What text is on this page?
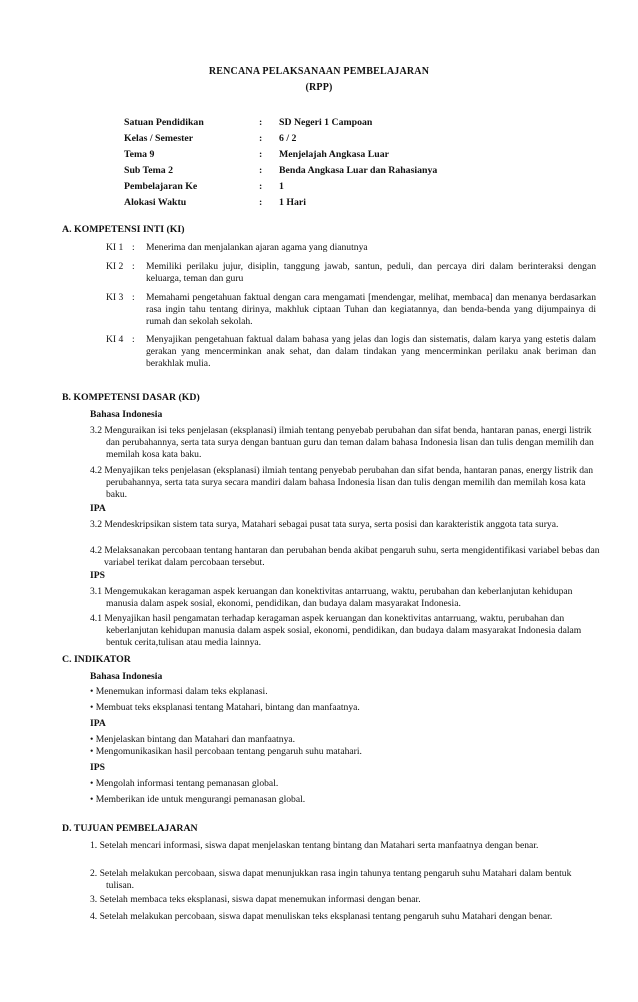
RENCANA PELAKSANAAN PEMBELAJARAN
(RPP)
Satuan Pendidikan	: SD Negeri 1 Campoan
Kelas / Semester	: 6 / 2
Tema 9	: Menjelajah Angkasa Luar
Sub Tema 2	: Benda Angkasa Luar dan Rahasianya
Pembelajaran Ke	: 1
Alokasi Waktu	: 1 Hari
A. KOMPETENSI INTI (KI)
KI 1 : Menerima dan menjalankan ajaran agama yang dianutnya
KI 2 : Memiliki perilaku jujur, disiplin, tanggung jawab, santun, peduli, dan percaya diri dalam berinteraksi dengan keluarga, teman dan guru
KI 3 : Memahami pengetahuan faktual dengan cara mengamati [mendengar, melihat, membaca] dan menanya berdasarkan rasa ingin tahu tentang dirinya, makhluk ciptaan Tuhan dan kegiatannya, dan benda-benda yang dijumpainya di rumah dan sekolah sekolah.
KI 4 : Menyajikan pengetahuan faktual dalam bahasa yang jelas dan logis dan sistematis, dalam karya yang estetis dalam gerakan yang mencerminkan anak sehat, dan dalam tindakan yang mencerminkan perilaku anak beriman dan berakhlak mulia.
B. KOMPETENSI DASAR (KD)
Bahasa Indonesia
3.2 Menguraikan isi teks penjelasan (eksplanasi) ilmiah tentang penyebab perubahan dan sifat benda, hantaran panas, energi listrik dan perubahannya, serta tata surya dengan bantuan guru dan teman dalam bahasa Indonesia lisan dan tulis dengan memilih dan memilah kosa kata baku.
4.2 Menyajikan teks penjelasan (eksplanasi) ilmiah tentang penyebab perubahan dan sifat benda, hantaran panas, energy listrik dan perubahannya, serta tata surya secara mandiri dalam bahasa Indonesia lisan dan tulis dengan memilih dan memilah kosa kata baku.
IPA
3.2 Mendeskripsikan sistem tata surya, Matahari sebagai pusat tata surya, serta posisi dan karakteristik anggota tata surya.
4.2 Melaksanakan percobaan tentang hantaran dan perubahan benda akibat pengaruh suhu, serta mengidentifikasi variabel bebas dan variabel terikat dalam percobaan tersebut.
IPS
3.1 Mengemukakan keragaman aspek keruangan dan konektivitas antarruang, waktu, perubahan dan keberlanjutan kehidupan manusia dalam aspek sosial, ekonomi, pendidikan, dan budaya dalam masyarakat Indonesia.
4.1 Menyajikan hasil pengamatan terhadap keragaman aspek keruangan dan konektivitas antarruang, waktu, perubahan dan keberlanjutan kehidupan manusia dalam aspek sosial, ekonomi, pendidikan, dan budaya dalam masyarakat Indonesia dalam bentuk cerita,tulisan atau media lainnya.
C. INDIKATOR
Bahasa Indonesia
• Menemukan informasi dalam teks ekplanasi.
• Membuat teks eksplanasi tentang Matahari, bintang dan manfaatnya.
IPA
• Menjelaskan bintang dan Matahari dan manfaatnya.
• Mengomunikasikan hasil percobaan tentang pengaruh suhu matahari.
IPS
• Mengolah informasi tentang pemanasan global.
• Memberikan ide untuk mengurangi pemanasan global.
D. TUJUAN PEMBELAJARAN
1. Setelah mencari informasi, siswa dapat menjelaskan tentang bintang dan Matahari serta manfaatnya dengan benar.
2. Setelah melakukan percobaan, siswa dapat menunjukkan rasa ingin tahunya tentang pengaruh suhu Matahari dalam bentuk tulisan.
3. Setelah membaca teks eksplanasi, siswa dapat menemukan informasi dengan benar.
4. Setelah melakukan percobaan, siswa dapat menuliskan teks eksplanasi tentang pengaruh suhu Matahari dengan benar.
